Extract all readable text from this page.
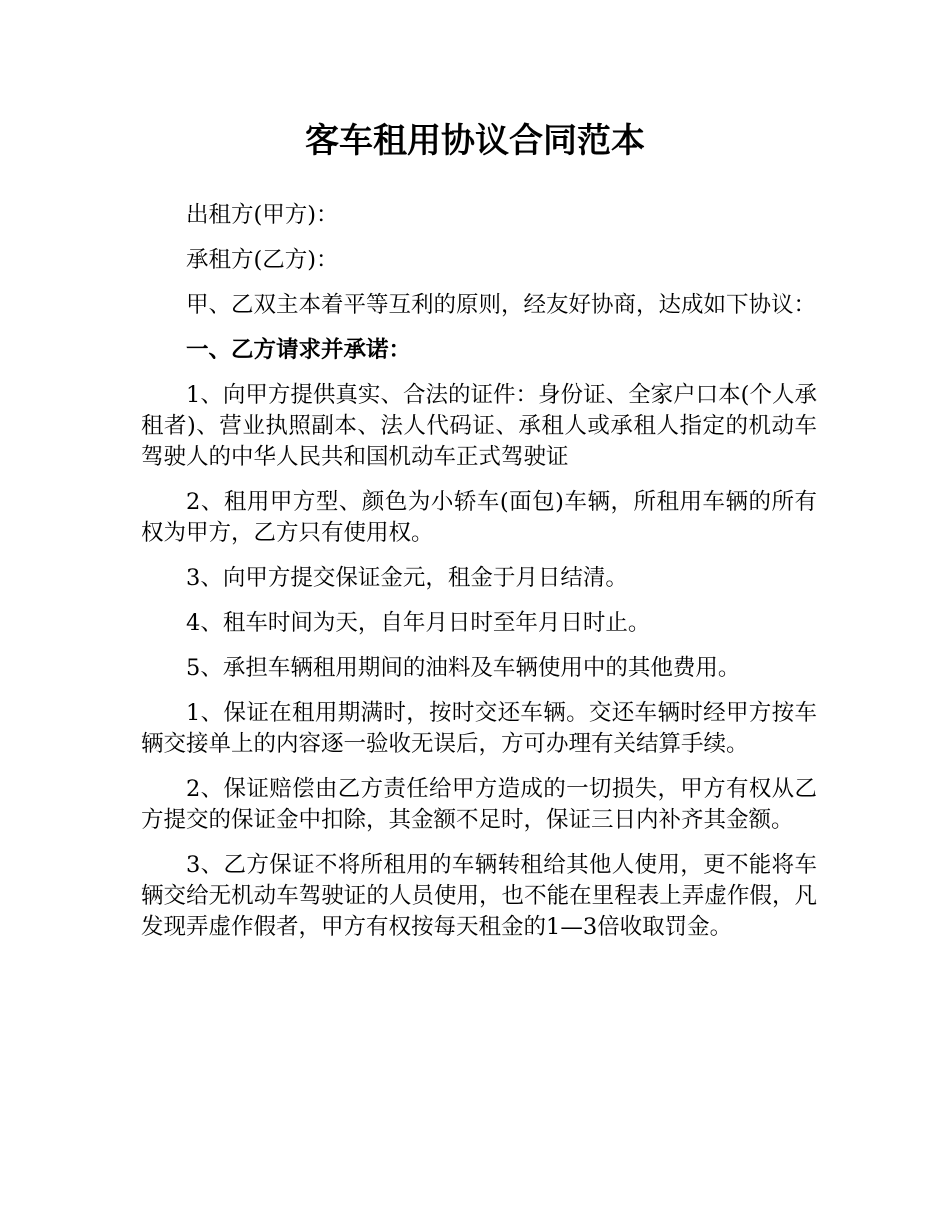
客车租用协议合同范本

出租方(甲方)：

承租方(乙方)：

甲、乙双主本着平等互利的原则，经友好协商，达成如下协议：

一、乙方请求并承诺：

1、向甲方提供真实、合法的证件：身份证、全家户口本(个人承租者)、营业执照副本、法人代码证、承租人或承租人指定的机动车驾驶人的中华人民共和国机动车正式驾驶证

2、租用甲方型、颜色为小轿车(面包)车辆，所租用车辆的所有权为甲方，乙方只有使用权。

3、向甲方提交保证金元，租金于月日结清。

4、租车时间为天，自年月日时至年月日时止。

5、承担车辆租用期间的油料及车辆使用中的其他费用。

1、保证在租用期满时，按时交还车辆。交还车辆时经甲方按车辆交接单上的内容逐一验收无误后，方可办理有关结算手续。

2、保证赔偿由乙方责任给甲方造成的一切损失，甲方有权从乙方提交的保证金中扣除，其金额不足时，保证三日内补齐其金额。

3、乙方保证不将所租用的车辆转租给其他人使用，更不能将车辆交给无机动车驾驶证的人员使用，也不能在里程表上弄虚作假，凡发现弄虚作假者，甲方有权按每天租金的1—3倍收取罚金。
